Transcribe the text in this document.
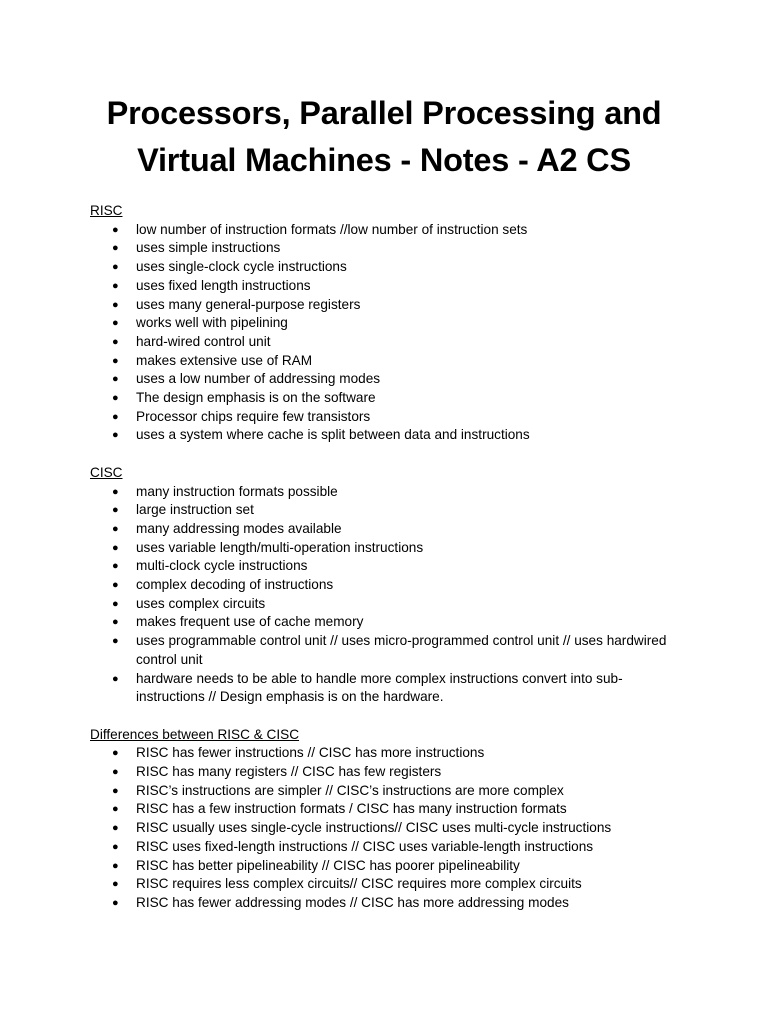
Processors, Parallel Processing and
Virtual Machines - Notes - A2 CS
RISC
● low number of instruction formats //low number of instruction sets
● uses simple instructions
● uses single-clock cycle instructions
● uses fixed length instructions
● uses many general-purpose registers
● works well with pipelining
● hard-wired control unit
● makes extensive use of RAM
● uses a low number of addressing modes
● The design emphasis is on the software
● Processor chips require few transistors
● uses a system where cache is split between data and instructions
CISC
● many instruction formats possible
● large instruction set
● many addressing modes available
● uses variable length/multi-operation instructions
● multi-clock cycle instructions
● complex decoding of instructions
● uses complex circuits
● makes frequent use of cache memory
● uses programmable control unit // uses micro-programmed control unit // uses hardwired control unit
● hardware needs to be able to handle more complex instructions convert into sub-instructions // Design emphasis is on the hardware.
Differences between RISC & CISC
● RISC has fewer instructions // CISC has more instructions
● RISC has many registers // CISC has few registers
● RISC’s instructions are simpler // CISC’s instructions are more complex
● RISC has a few instruction formats / CISC has many instruction formats
● RISC usually uses single-cycle instructions// CISC uses multi-cycle instructions
● RISC uses fixed-length instructions // CISC uses variable-length instructions
● RISC has better pipelineability // CISC has poorer pipelineability
● RISC requires less complex circuits// CISC requires more complex circuits
● RISC has fewer addressing modes // CISC has more addressing modes
